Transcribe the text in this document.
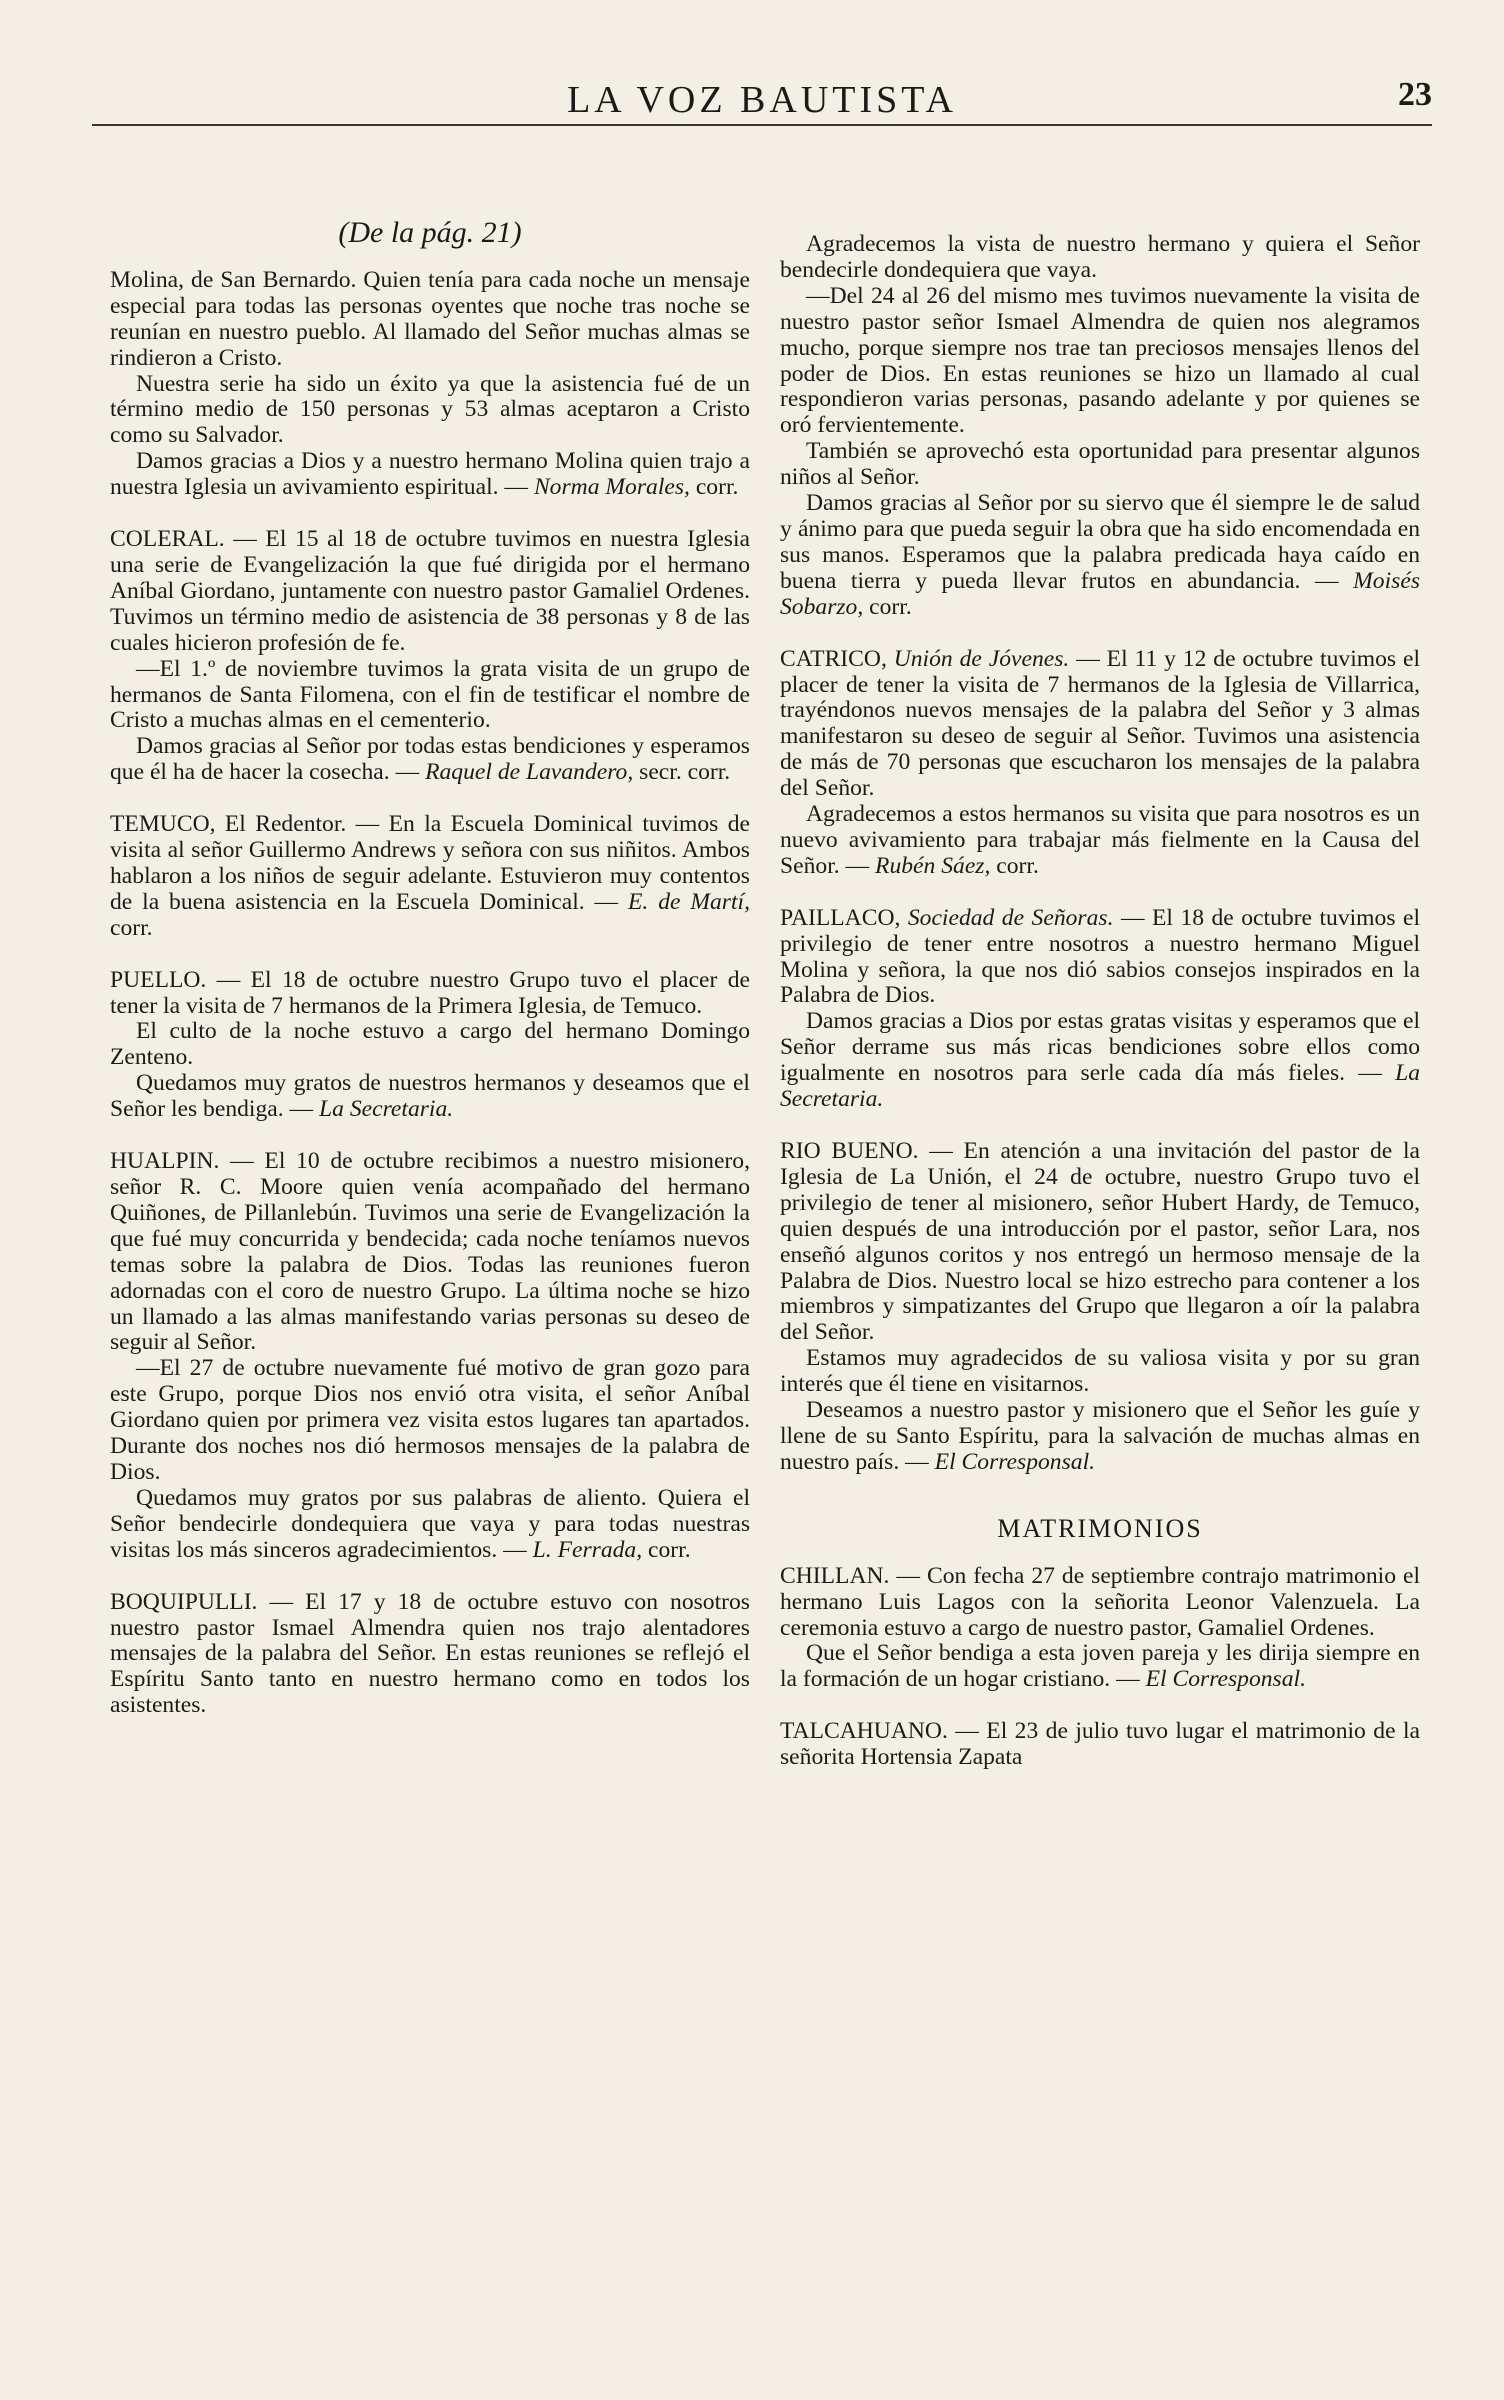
LA VOZ BAUTISTA	23
(De la pág. 21)

Molina, de San Bernardo. Quien tenía para cada noche un mensaje especial para todas las personas oyentes que noche tras noche se reunían en nuestro pueblo. Al llamado del Señor muchas almas se rindieron a Cristo.

Nuestra serie ha sido un éxito ya que la asistencia fué de un término medio de 150 personas y 53 almas aceptaron a Cristo como su Salvador.

Damos gracias a Dios y a nuestro hermano Molina quien trajo a nuestra Iglesia un avivamiento espiritual. — Norma Morales, corr.

COLERAL. — El 15 al 18 de octubre tuvimos en nuestra Iglesia una serie de Evangelización la que fué dirigida por el hermano Aníbal Giordano, juntamente con nuestro pastor Gamaliel Ordenes. Tuvimos un término medio de asistencia de 38 personas y 8 de las cuales hicieron profesión de fe.

—El 1.º de noviembre tuvimos la grata visita de un grupo de hermanos de Santa Filomena, con el fin de testificar el nombre de Cristo a muchas almas en el cementerio.

Damos gracias al Señor por todas estas bendiciones y esperamos que él ha de hacer la cosecha. — Raquel de Lavandero, secr. corr.

TEMUCO, El Redentor. — En la Escuela Dominical tuvimos de visita al señor Guillermo Andrews y señora con sus niñitos. Ambos hablaron a los niños de seguir adelante. Estuvieron muy contentos de la buena asistencia en la Escuela Dominical. — E. de Martí, corr.

PUELLO. — El 18 de octubre nuestro Grupo tuvo el placer de tener la visita de 7 hermanos de la Primera Iglesia, de Temuco.

El culto de la noche estuvo a cargo del hermano Domingo Zenteno.

Quedamos muy gratos de nuestros hermanos y deseamos que el Señor les bendiga. — La Secretaria.

HUALPIN. — El 10 de octubre recibimos a nuestro misionero, señor R. C. Moore quien venía acompañado del hermano Quiñones, de Pillanlebún. Tuvimos una serie de Evangelización la que fué muy concurrida y bendecida; cada noche teníamos nuevos temas sobre la palabra de Dios. Todas las reuniones fueron adornadas con el coro de nuestro Grupo. La última noche se hizo un llamado a las almas manifestando varias personas su deseo de seguir al Señor.

—El 27 de octubre nuevamente fué motivo de gran gozo para este Grupo, porque Dios nos envió otra visita, el señor Aníbal Giordano quien por primera vez visita estos lugares tan apartados. Durante dos noches nos dió hermosos mensajes de la palabra de Dios.

Quedamos muy gratos por sus palabras de aliento. Quiera el Señor bendecirle dondequiera que vaya y para todas nuestras visitas los más sinceros agradecimientos. — L. Ferrada, corr.

BOQUIPULLI. — El 17 y 18 de octubre estuvo con nosotros nuestro pastor Ismael Almendra quien nos trajo alentadores mensajes de la palabra del Señor. En estas reuniones se reflejó el Espíritu Santo tanto en nuestro hermano como en todos los asistentes.

Agradecemos la vista de nuestro hermano y quiera el Señor bendecirle dondequiera que vaya.

—Del 24 al 26 del mismo mes tuvimos nuevamente la visita de nuestro pastor señor Ismael Almendra de quien nos alegramos mucho, porque siempre nos trae tan preciosos mensajes llenos del poder de Dios. En estas reuniones se hizo un llamado al cual respondieron varias personas, pasando adelante y por quienes se oró fervientemente.

También se aprovechó esta oportunidad para presentar algunos niños al Señor.

Damos gracias al Señor por su siervo que él siempre le de salud y ánimo para que pueda seguir la obra que ha sido encomendada en sus manos. Esperamos que la palabra predicada haya caído en buena tierra y pueda llevar frutos en abundancia. — Moisés Sobarzo, corr.

CATRICO, Unión de Jóvenes. — El 11 y 12 de octubre tuvimos el placer de tener la visita de 7 hermanos de la Iglesia de Villarrica, trayéndonos nuevos mensajes de la palabra del Señor y 3 almas manifestaron su deseo de seguir al Señor. Tuvimos una asistencia de más de 70 personas que escucharon los mensajes de la palabra del Señor.

Agradecemos a estos hermanos su visita que para nosotros es un nuevo avivamiento para trabajar más fielmente en la Causa del Señor. — Rubén Sáez, corr.

PAILLACO, Sociedad de Señoras. — El 18 de octubre tuvimos el privilegio de tener entre nosotros a nuestro hermano Miguel Molina y señora, la que nos dió sabios consejos inspirados en la Palabra de Dios.

Damos gracias a Dios por estas gratas visitas y esperamos que el Señor derrame sus más ricas bendiciones sobre ellos como igualmente en nosotros para serle cada día más fieles. — La Secretaria.

RIO BUENO. — En atención a una invitación del pastor de la Iglesia de La Unión, el 24 de octubre, nuestro Grupo tuvo el privilegio de tener al misionero, señor Hubert Hardy, de Temuco, quien después de una introducción por el pastor, señor Lara, nos enseñó algunos coritos y nos entregó un hermoso mensaje de la Palabra de Dios. Nuestro local se hizo estrecho para contener a los miembros y simpatizantes del Grupo que llegaron a oír la palabra del Señor.

Estamos muy agradecidos de su valiosa visita y por su gran interés que él tiene en visitarnos.

Deseamos a nuestro pastor y misionero que el Señor les guíe y llene de su Santo Espíritu, para la salvación de muchas almas en nuestro país. — El Corresponsal.

MATRIMONIOS

CHILLAN. — Con fecha 27 de septiembre contrajo matrimonio el hermano Luis Lagos con la señorita Leonor Valenzuela. La ceremonia estuvo a cargo de nuestro pastor, Gamaliel Ordenes.

Que el Señor bendiga a esta joven pareja y les dirija siempre en la formación de un hogar cristiano. — El Corresponsal.

TALCAHUANO. — El 23 de julio tuvo lugar el matrimonio de la señorita Hortensia Zapata
